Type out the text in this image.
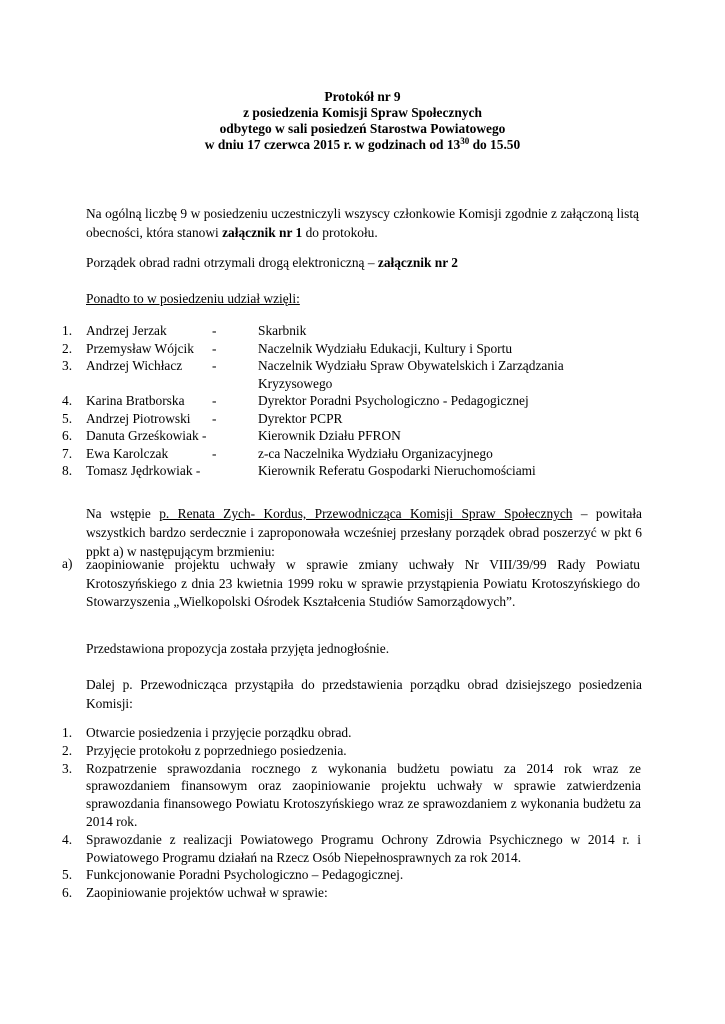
Protokół nr 9
z posiedzenia Komisji Spraw Społecznych
odbytego w sali posiedzeń Starostwa Powiatowego
w dniu 17 czerwca 2015 r. w godzinach od $13^{30}$ do 15.50
Na ogólną liczbę 9 w posiedzeniu uczestniczyli wszyscy członkowie Komisji zgodnie z załączoną listą obecności, która stanowi załącznik nr 1 do protokołu.
Porządek obrad radni otrzymali drogą elektroniczną – załącznik nr 2
Ponadto to w posiedzeniu udział wzięli:
1. Andrzej Jerzak	-	Skarbnik
2. Przemysław Wójcik -	Naczelnik Wydziału Edukacji, Kultury i Sportu
3. Andrzej Wichłacz -	Naczelnik Wydziału Spraw Obywatelskich i Zarządzania Kryzysowego
4. Karina Bratborska -	Dyrektor Poradni Psychologiczno - Pedagogicznej
5. Andrzej Piotrowski -	Dyrektor PCPR
6. Danuta Grześkowiak -	Kierownik Działu PFRON
7. Ewa Karolczak	-	z-ca Naczelnika Wydziału Organizacyjnego
8. Tomasz Jędrkowiak -	Kierownik Referatu Gospodarki Nieruchomościami
Na wstępie p. Renata Zych- Kordus, Przewodnicząca Komisji Spraw Społecznych – powitała wszystkich bardzo serdecznie i zaproponowała wcześniej przesłany porządek obrad poszerzyć w pkt 6 ppkt a) w następującym brzmieniu:
a) zaopiniowanie projektu uchwały w sprawie zmiany uchwały Nr VIII/39/99 Rady Powiatu Krotoszyńskiego z dnia 23 kwietnia 1999 roku w sprawie przystąpienia Powiatu Krotoszyńskiego do Stowarzyszenia „Wielkopolski Ośrodek Kształcenia Studiów Samorządowych”.
Przedstawiona propozycja została przyjęta jednogłośnie.
Dalej p. Przewodnicząca przystąpiła do przedstawienia porządku obrad dzisiejszego posiedzenia Komisji:
1. Otwarcie posiedzenia i przyjęcie porządku obrad.
2. Przyjęcie protokołu z poprzedniego posiedzenia.
3. Rozpatrzenie sprawozdania rocznego z wykonania budżetu powiatu za 2014 rok wraz ze sprawozdaniem finansowym oraz zaopiniowanie projektu uchwały w sprawie zatwierdzenia sprawozdania finansowego Powiatu Krotoszyńskiego wraz ze sprawozdaniem z wykonania budżetu za 2014 rok.
4. Sprawozdanie z realizacji Powiatowego Programu Ochrony Zdrowia Psychicznego w 2014 r. i Powiatowego Programu działań na Rzecz Osób Niepełnosprawnych za rok 2014.
5. Funkcjonowanie Poradni Psychologiczno – Pedagogicznej.
6. Zaopiniowanie projektów uchwał w sprawie:
